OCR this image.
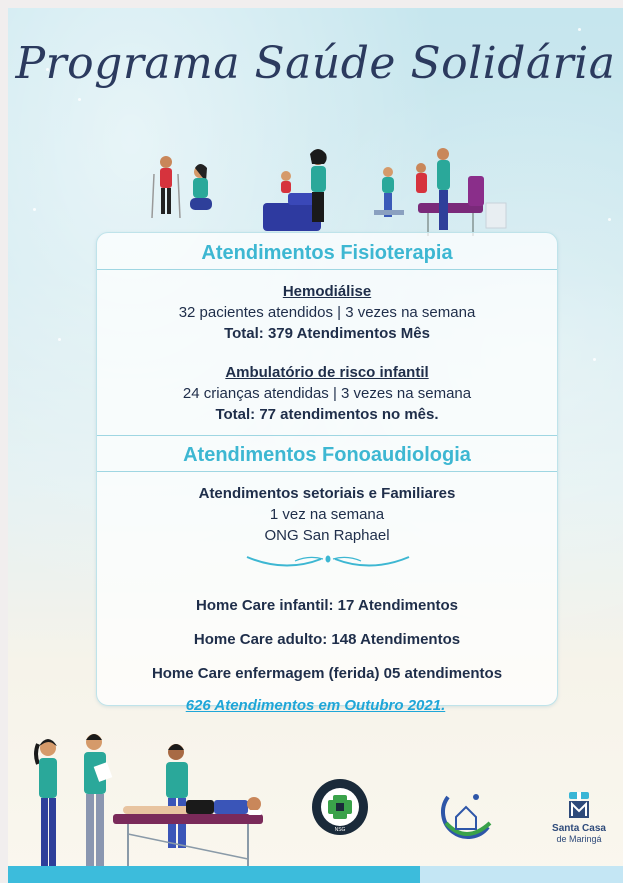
Programa Saúde Solidária
Atendimentos Fisioterapia
Hemodiálise
32 pacientes atendidos | 3 vezes na semana
Total: 379 Atendimentos Mês
Ambulatório de risco infantil
24 crianças atendidas | 3 vezes na semana
Total: 77 atendimentos no mês.
Atendimentos Fonoaudiologia
Atendimentos setoriais e Familiares
1 vez na semana
ONG San Raphael
Home Care infantil: 17 Atendimentos
Home Care adulto: 148 Atendimentos
Home Care enfermagem (ferida) 05 atendimentos
626 Atendimentos em Outubro 2021.
NSG	Santa Casa
de Maringá
